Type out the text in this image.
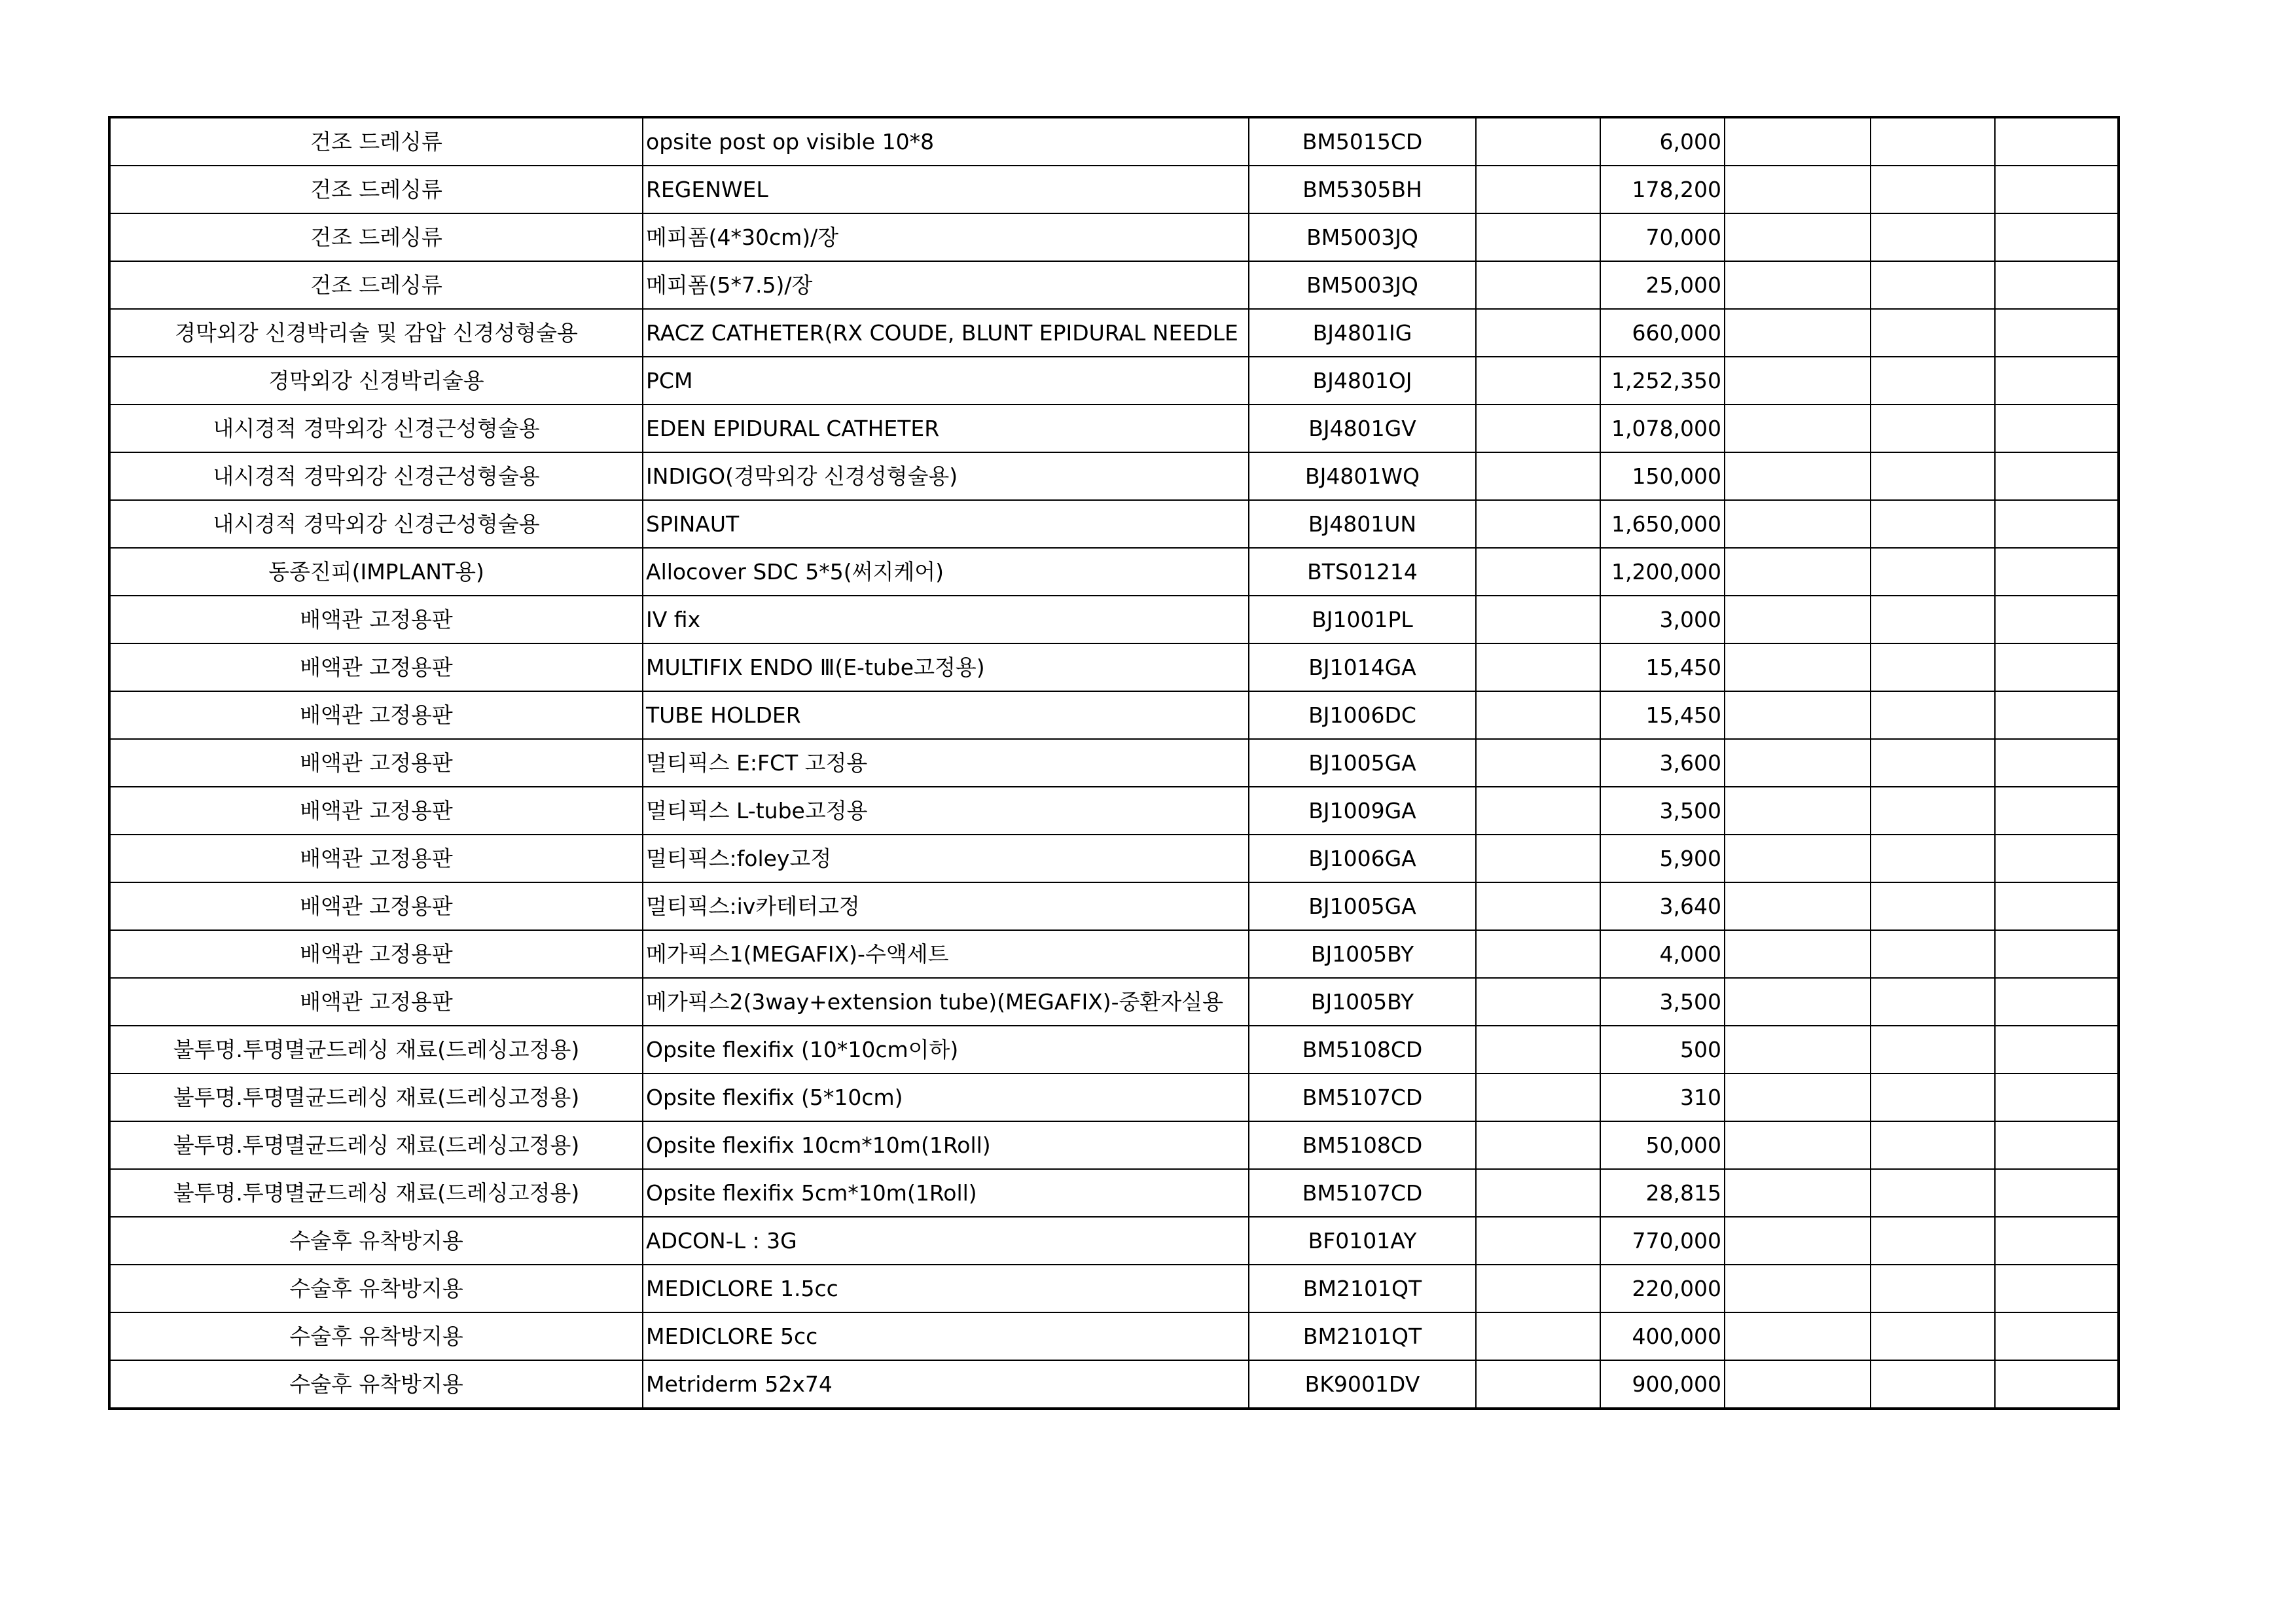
건조 드레싱류	opsite post op visible 10*8	BM5015CD		6,000			
건조 드레싱류	REGENWEL	BM5305BH		178,200			
건조 드레싱류	메피폼(4*30cm)/장	BM5003JQ		70,000			
건조 드레싱류	메피폼(5*7.5)/장	BM5003JQ		25,000			
경막외강 신경박리술 및 감압 신경성형술용	RACZ CATHETER(RX COUDE, BLUNT EPIDURAL NEEDLE	BJ4801IG		660,000			
경막외강 신경박리술용	PCM	BJ4801OJ		1,252,350			
내시경적 경막외강 신경근성형술용	EDEN EPIDURAL CATHETER	BJ4801GV		1,078,000			
내시경적 경막외강 신경근성형술용	INDIGO(경막외강 신경성형술용)	BJ4801WQ		150,000			
내시경적 경막외강 신경근성형술용	SPINAUT	BJ4801UN		1,650,000			
동종진피(IMPLANT용)	Allocover SDC 5*5(써지케어)	BTS01214		1,200,000			
배액관 고정용판	IV fix	BJ1001PL		3,000			
배액관 고정용판	MULTIFIX ENDO Ⅲ(E-tube고정용)	BJ1014GA		15,450			
배액관 고정용판	TUBE HOLDER	BJ1006DC		15,450			
배액관 고정용판	멀티픽스 E:FCT 고정용	BJ1005GA		3,600			
배액관 고정용판	멀티픽스 L-tube고정용	BJ1009GA		3,500			
배액관 고정용판	멀티픽스:foley고정	BJ1006GA		5,900			
배액관 고정용판	멀티픽스:iv카테터고정	BJ1005GA		3,640			
배액관 고정용판	메가픽스1(MEGAFIX)-수액세트	BJ1005BY		4,000			
배액관 고정용판	메가픽스2(3way+extension tube)(MEGAFIX)-중환자실용	BJ1005BY		3,500			
불투명.투명멸균드레싱 재료(드레싱고정용)	Opsite flexifix (10*10cm이하)	BM5108CD		500			
불투명.투명멸균드레싱 재료(드레싱고정용)	Opsite flexifix (5*10cm)	BM5107CD		310			
불투명.투명멸균드레싱 재료(드레싱고정용)	Opsite flexifix 10cm*10m(1Roll)	BM5108CD		50,000			
불투명.투명멸균드레싱 재료(드레싱고정용)	Opsite flexifix 5cm*10m(1Roll)	BM5107CD		28,815			
수술후 유착방지용	ADCON-L : 3G	BF0101AY		770,000			
수술후 유착방지용	MEDICLORE 1.5cc	BM2101QT		220,000			
수술후 유착방지용	MEDICLORE 5cc	BM2101QT		400,000			
수술후 유착방지용	Metriderm 52x74	BK9001DV		900,000			
